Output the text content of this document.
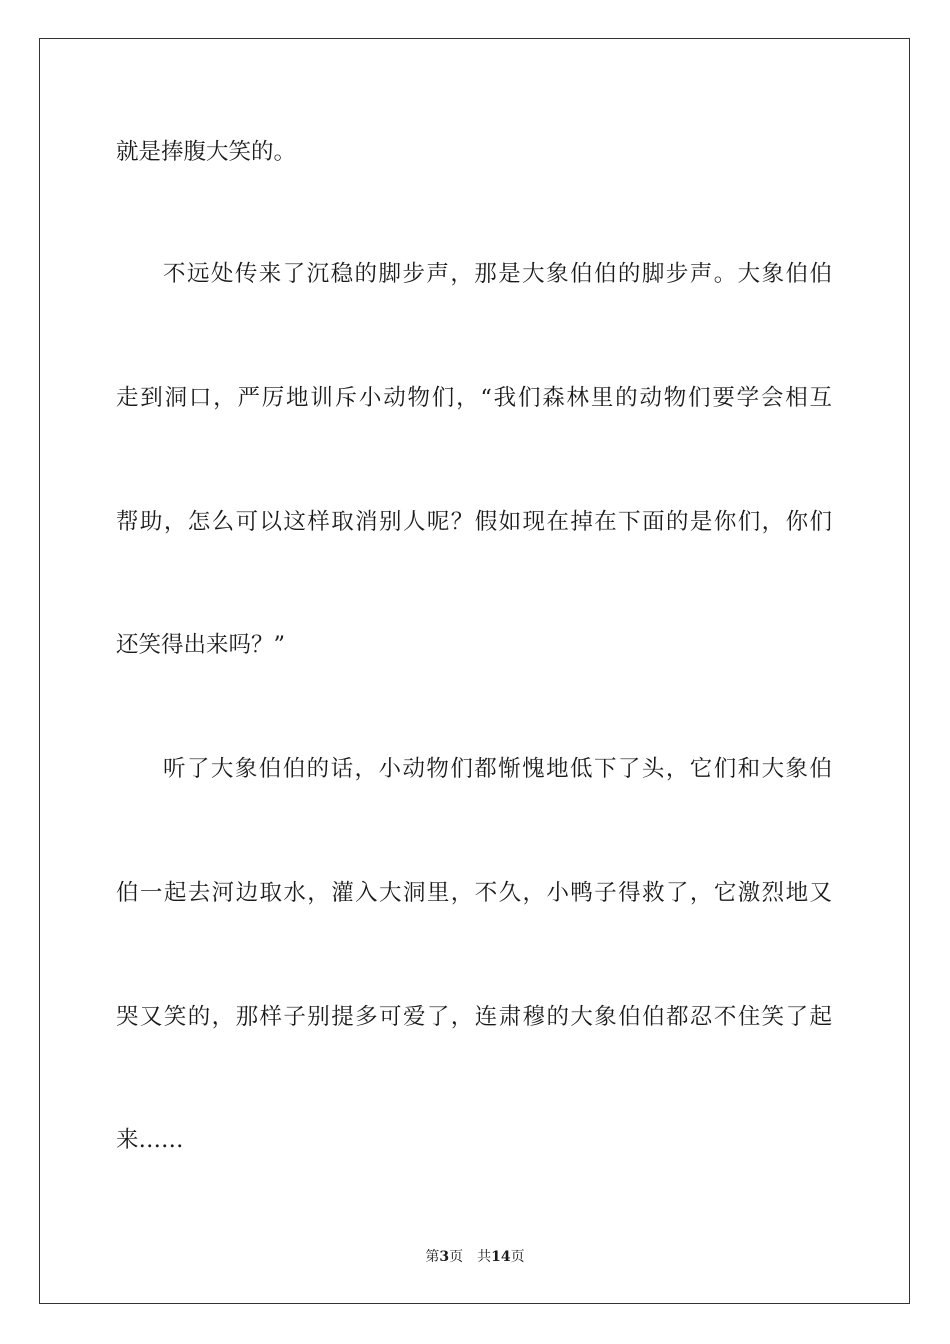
就是捧腹大笑的。
不远处传来了沉稳的脚步声，那是大象伯伯的脚步声。大象伯伯
走到洞口，严厉地训斥小动物们，“我们森林里的动物们要学会相互
帮助，怎么可以这样取消别人呢？假如现在掉在下面的是你们，你们
还笑得出来吗？”
听了大象伯伯的话，小动物们都惭愧地低下了头，它们和大象伯
伯一起去河边取水，灌入大洞里，不久，小鸭子得救了，它激烈地又
哭又笑的，那样子别提多可爱了，连肃穆的大象伯伯都忍不住笑了起
来……
第3页 共14页
